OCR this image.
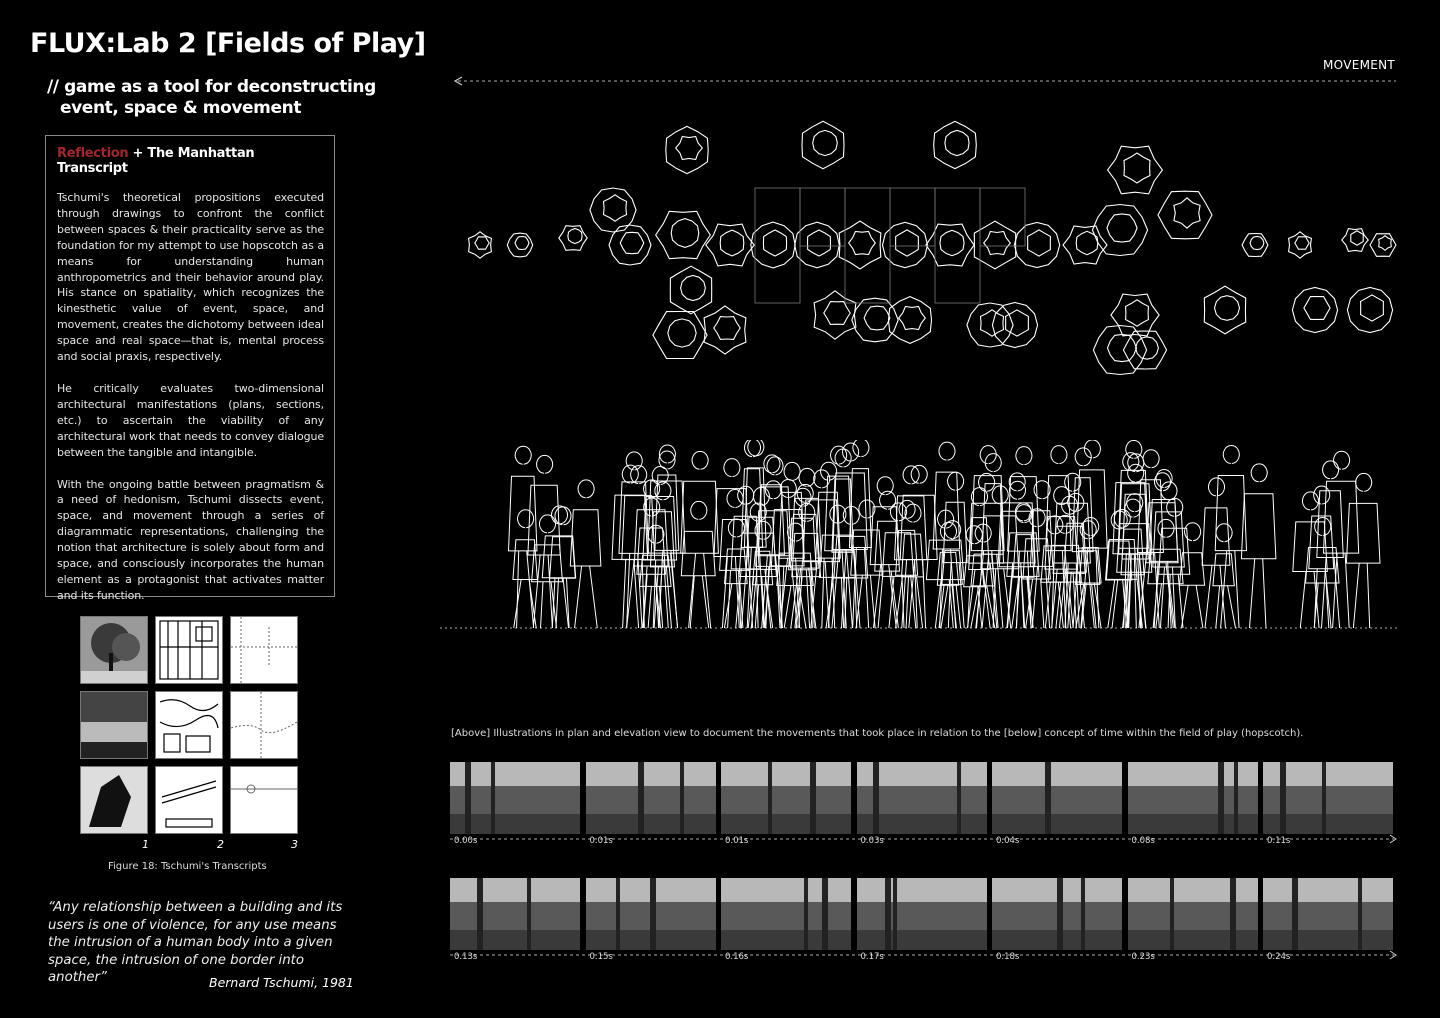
FLUX:Lab 2 [Fields of Play]
// game as a tool for deconstructing
event, space & movement
Reflection + The Manhattan Transcript

Tschumi's theoretical propositions executed through drawings to confront the conflict between spaces & their practicality serve as the foundation for my attempt to use hopscotch as a means for understanding human anthropometrics and their behavior around play. His stance on spatiality, which recognizes the kinesthetic value of event, space, and movement, creates the dichotomy between ideal space and real space—that is, mental process and social praxis, respectively.

He critically evaluates two-dimensional architectural manifestations (plans, sections, etc.) to ascertain the viability of any architectural work that needs to convey dialogue between the tangible and intangible.

With the ongoing battle between pragmatism & a need of hedonism, Tschumi dissects event, space, and movement through a series of diagrammatic representations, challenging the notion that architecture is solely about form and space, and consciously incorporates the human element as a protagonist that activates matter and its function.

1	2	3
Figure 18: Tschumi's Transcripts
“Any relationship between a building and its users is one of violence, for any use means the intrusion of a human body into a given space, the intrusion of one border into another”	Bernard Tschumi, 1981
MOVEMENT
[Above] Illustrations in plan and elevation view to document the movements that took place in relation to the [below] concept of time within the field of play (hopscotch).
0.00s	0.01s	0.01s	0.03s	0.04s	0.08s	0.11s
0.13s	0.15s	0.16s	0.17s	0.18s	0.23s	0.24s
